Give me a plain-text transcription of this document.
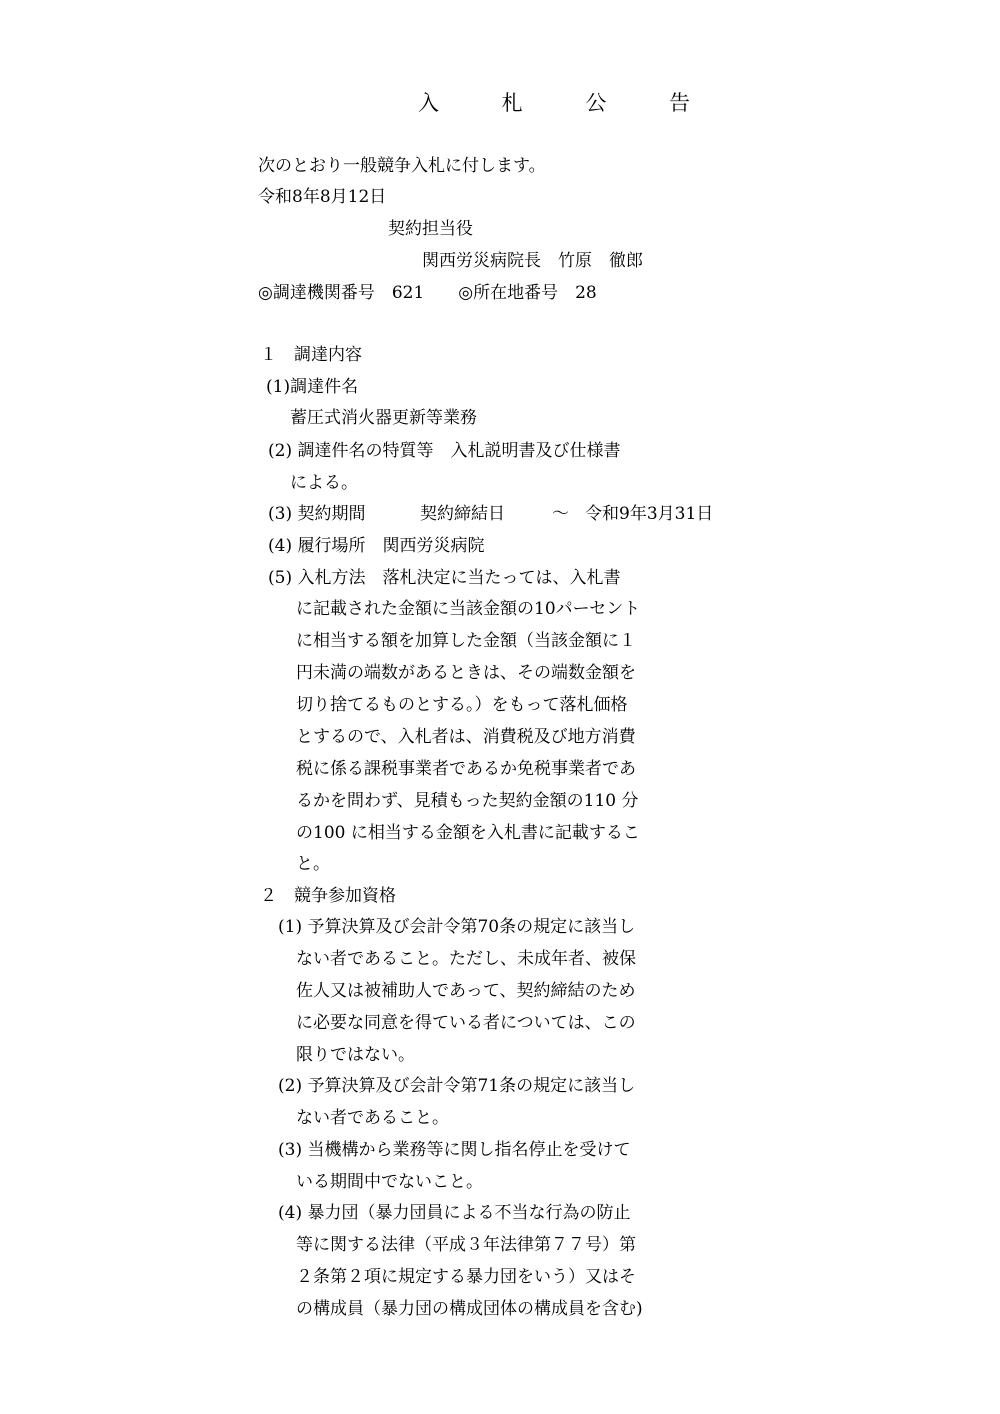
入 札 公 告
次のとおり一般競争入札に付します。
令和8年8月12日
契約担当役
関西労災病院長　竹原　徹郎
◎調達機関番号　621　　◎所在地番号　28
１　調達内容
(1)調達件名
蓄圧式消火器更新等業務
(2) 調達件名の特質等　入札説明書及び仕様書
による。
(3) 契約期間	契約締結日	～ 令和9年3月31日
(4) 履行場所　関西労災病院
(5) 入札方法　落札決定に当たっては、入札書
に記載された金額に当該金額の10パーセント
に相当する額を加算した金額（当該金額に１
円未満の端数があるときは、その端数金額を
切り捨てるものとする。）をもって落札価格
とするので、入札者は、消費税及び地方消費
税に係る課税事業者であるか免税事業者であ
るかを問わず、見積もった契約金額の110 分
の100 に相当する金額を入札書に記載するこ
と。
２　競争参加資格
(1) 予算決算及び会計令第70条の規定に該当し
ない者であること。ただし、未成年者、被保
佐人又は被補助人であって、契約締結のため
に必要な同意を得ている者については、この
限りではない。
(2) 予算決算及び会計令第71条の規定に該当し
ない者であること。
(3) 当機構から業務等に関し指名停止を受けて
いる期間中でないこと。
(4) 暴力団（暴力団員による不当な行為の防止
等に関する法律（平成３年法律第７７号）第
２条第２項に規定する暴力団をいう）又はそ
の構成員（暴力団の構成団体の構成員を含む)
